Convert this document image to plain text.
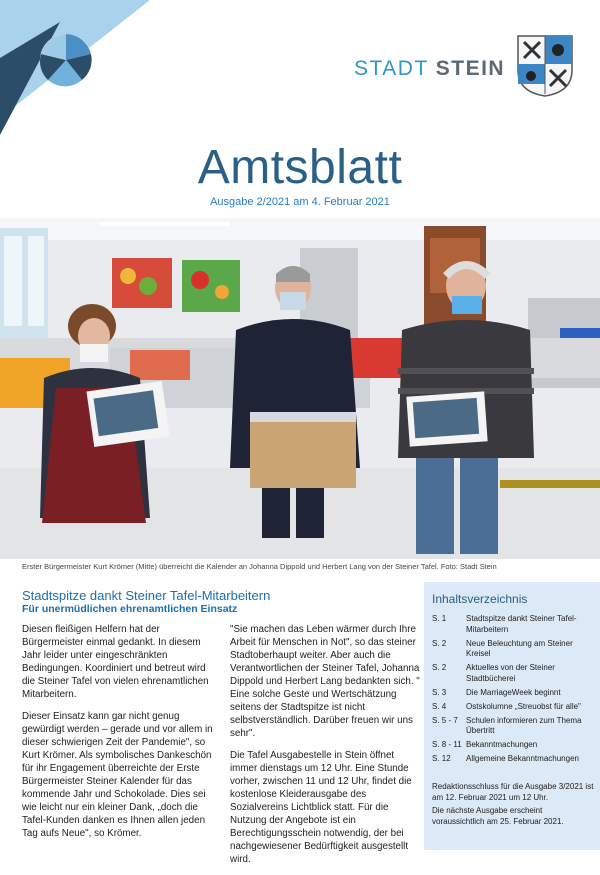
STADT STEIN
Amtsblatt
Ausgabe 2/2021 am 4. Februar 2021
Erster Bürgermeister Kurt Krömer (Mitte) überreicht die Kalender an Johanna Dippold und Herbert Lang von der Steiner Tafel. Foto: Stadt Stein
Stadtspitze dankt Steiner Tafel-Mitarbeitern
Für unermüdlichen ehrenamtlichen Einsatz

Diesen fleißigen Helfern hat der Bürgermeister einmal gedankt. In diesem Jahr leider unter eingeschränkten Bedingungen. Koordiniert und betreut wird die Steiner Tafel von vielen ehrenamtlichen Mitarbeitern.

Dieser Einsatz kann gar nicht genug gewürdigt werden – gerade und vor allem in dieser schwierigen Zeit der Pandemie", so Kurt Krömer. Als symbolisches Dankeschön für ihr Engagement überreichte der Erste Bürgermeister Steiner Kalender für das kommende Jahr und Schokolade. Dies sei wie leicht nur ein kleiner Dank, „doch die Tafel-Kunden danken es Ihnen allen jeden Tag aufs Neue", so Krömer.

"Sie machen das Leben wärmer durch Ihre Arbeit für Menschen in Not", so das steiner Stadtoberhaupt weiter. Aber auch die Verantwortlichen der Steiner Tafel, Johanna Dippold und Herbert Lang bedankten sich. " Eine solche Geste und Wertschätzung seitens der Stadtspitze ist nicht selbstverständlich. Darüber freuen wir uns sehr".

Die Tafel Ausgabestelle in Stein öffnet immer dienstags um 12 Uhr. Eine Stunde vorher, zwischen 11 und 12 Uhr, findet die kostenlose Kleiderausgabe des Sozialvereins Lichtblick statt. Für die Nutzung der Angebote ist ein Berechtigungsschein notwendig, der bei nachgewiesener Bedürftigkeit ausgestellt wird.

Inhaltsverzeichnis
S. 1	Stadtspitze dankt Steiner Tafel-Mitarbeitern
S. 2	Neue Beleuchtung am Steiner Kreisel
S. 2	Aktuelles von der Steiner Stadtbücherei
S. 3	Die MarriageWeek beginnt
S. 4	Ostskolumne „Streuobst für alle"
S. 5 - 7	Schulen informieren zum Thema Übertritt
S. 8 - 11 Bekanntmachungen
S. 12	Allgemeine Bekanntmachungen

Redaktionsschluss für die Ausgabe 3/2021 ist am 12. Februar 2021 um 12 Uhr.

Die nächste Ausgabe erscheint voraussichtlich am 25. Februar 2021.
